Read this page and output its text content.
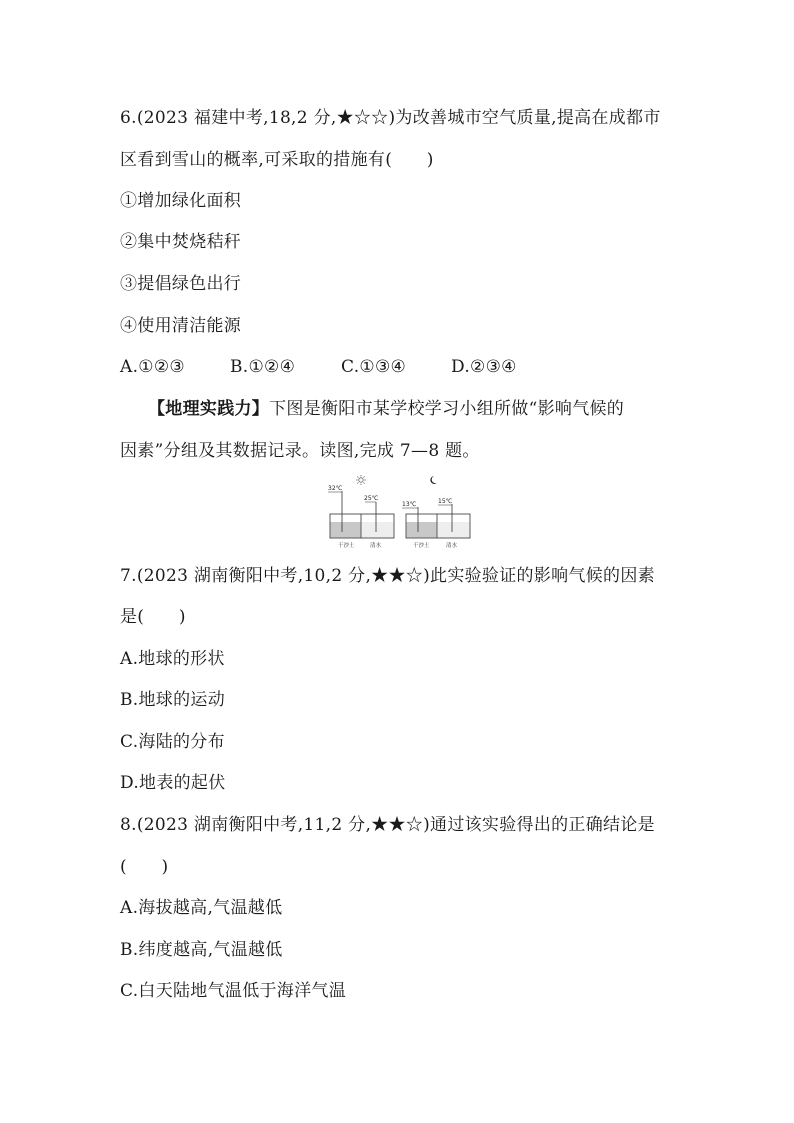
6.(2023 福建中考,18,2 分,★☆☆)为改善城市空气质量,提高在成都市
区看到雪山的概率,可采取的措施有(　　)
①增加绿化面积
②集中焚烧秸秆
③提倡绿色出行
④使用清洁能源
A.①②③	B.①②④	C.①③④	D.②③④
【地理实践力】下图是衡阳市某学校学习小组所做“影响气候的
因素”分组及其数据记录。读图,完成 7—8 题。
32℃
25℃
干沙土	清水
13℃	15℃
干沙土	清水
7.(2023 湖南衡阳中考,10,2 分,★★☆)此实验验证的影响气候的因素
是(　　)
A.地球的形状
B.地球的运动
C.海陆的分布
D.地表的起伏
8.(2023 湖南衡阳中考,11,2 分,★★☆)通过该实验得出的正确结论是
(　　)
A.海拔越高,气温越低
B.纬度越高,气温越低
C.白天陆地气温低于海洋气温
